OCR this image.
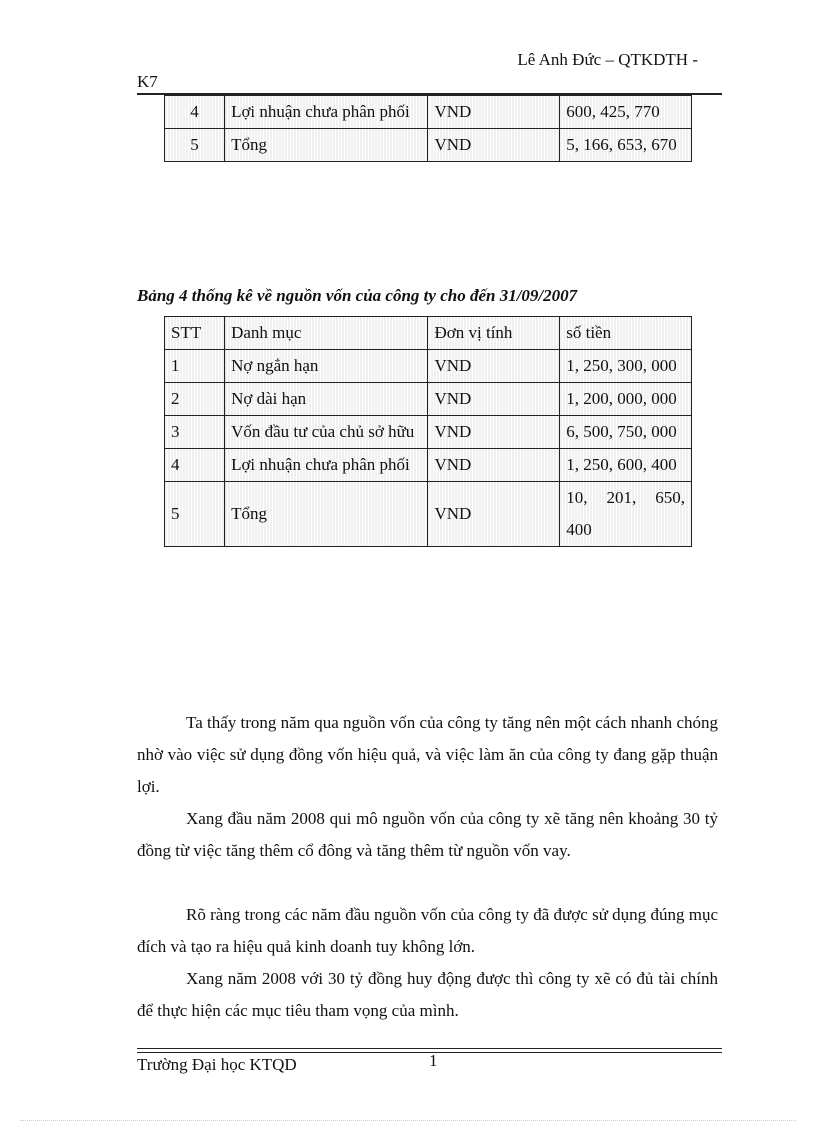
Lê Anh Đức – QTKDTH -
K7
4	Lợi nhuận chưa phân phối	VND	600, 425, 770
5	Tổng	VND	5, 166, 653, 670
Bảng 4 thống kê về nguồn vốn của công ty cho đến 31/09/2007
STT	Danh mục	Đơn vị tính	số tiền
1	Nợ ngắn hạn	VND	1, 250, 300, 000
2	Nợ dài hạn	VND	1, 200, 000, 000
3	Vốn đầu tư của chủ sở hữu	VND	6, 500, 750, 000
4	Lợi nhuận chưa phân phối	VND	1, 250, 600, 400
5	Tổng	VND	10, 201, 650, 400

Ta thấy trong năm qua nguồn vốn của công ty tăng nên một cách nhanh chóng nhờ vào việc sử dụng đồng vốn hiệu quả, và việc làm ăn của công ty đang gặp thuận lợi.

Xang đầu năm 2008 qui mô nguồn vốn của công ty xẽ tăng nên khoảng 30 tỷ đồng từ việc tăng thêm cổ đông và tăng thêm từ nguồn vốn vay.

Rõ ràng trong các năm đầu nguồn vốn của công ty đã được sử dụng đúng mục đích và tạo ra hiệu quả kinh doanh tuy không lớn.

Xang năm 2008 với 30 tỷ đồng huy động được thì công ty xẽ có đủ tài chính để thực hiện các mục tiêu tham vọng của mình.

Trường Đại học KTQD	1
